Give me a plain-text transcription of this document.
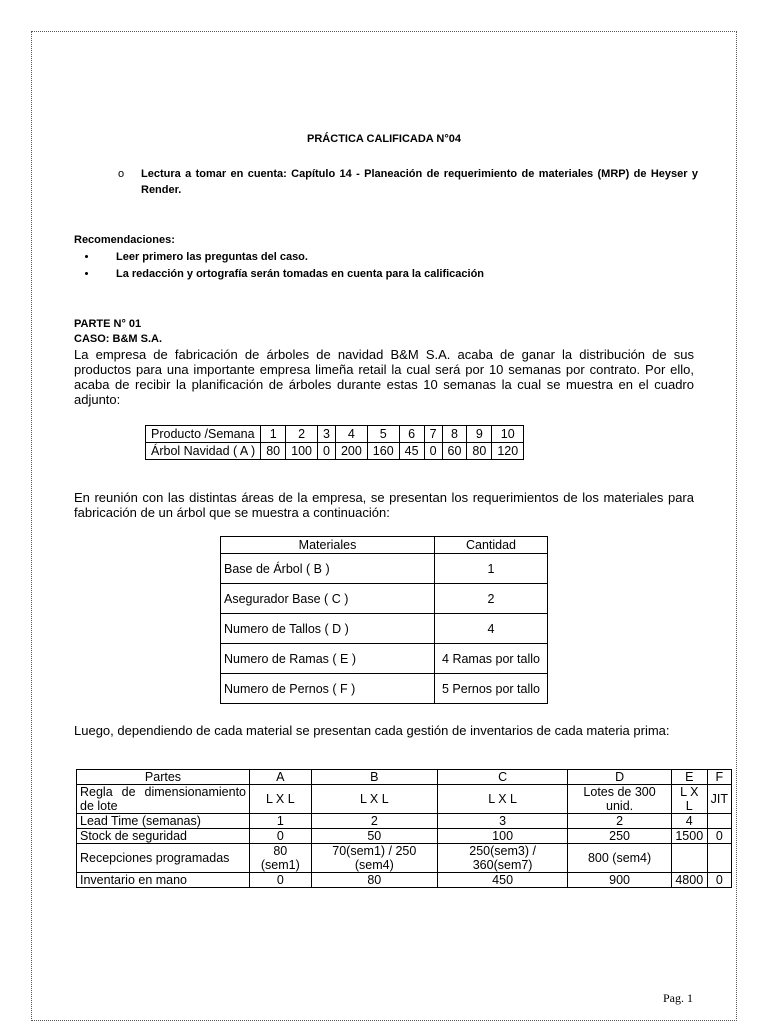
PRÁCTICA CALIFICADA N°04
o Lectura a tomar en cuenta: Capítulo 14 - Planeación de requerimiento de materiales (MRP) de Heyser y Render.
Recomendaciones:
• Leer primero las preguntas del caso.
• La redacción y ortografía serán tomadas en cuenta para la calificación
PARTE N° 01
CASO: B&M S.A.
La empresa de fabricación de árboles de navidad B&M S.A. acaba de ganar la distribución de sus productos para una importante empresa limeña retail la cual será por 10 semanas por contrato. Por ello, acaba de recibir la planificación de árboles durante estas 10 semanas la cual se muestra en el cuadro adjunto:
Producto /Semana	1	2	3	4	5	6	7	8	9	10
Árbol Navidad ( A )	80	100	0	200	160	45	0	60	80	120
En reunión con las distintas áreas de la empresa, se presentan los requerimientos de los materiales para fabricación de un árbol que se muestra a continuación:
Materiales	Cantidad
Base de Árbol ( B )	1
Asegurador Base ( C )	2
Numero de Tallos ( D )	4
Numero de Ramas ( E )	4 Ramas por tallo
Numero de Pernos ( F )	5 Pernos por tallo
Luego, dependiendo de cada material se presentan cada gestión de inventarios de cada materia prima:
Partes	A	B	C	D	E	F
Regla de dimensionamiento de lote	L X L	L X L	L X L	Lotes de 300 unid.	L X L	JIT
Lead Time (semanas)	1	2	3	2	4	
Stock de seguridad	0	50	100	250	1500	0
Recepciones programadas	80 (sem1)	70(sem1) / 250 (sem4)	250(sem3) / 360(sem7)	800 (sem4)		
Inventario en mano	0	80	450	900	4800	0
Pag. 1
